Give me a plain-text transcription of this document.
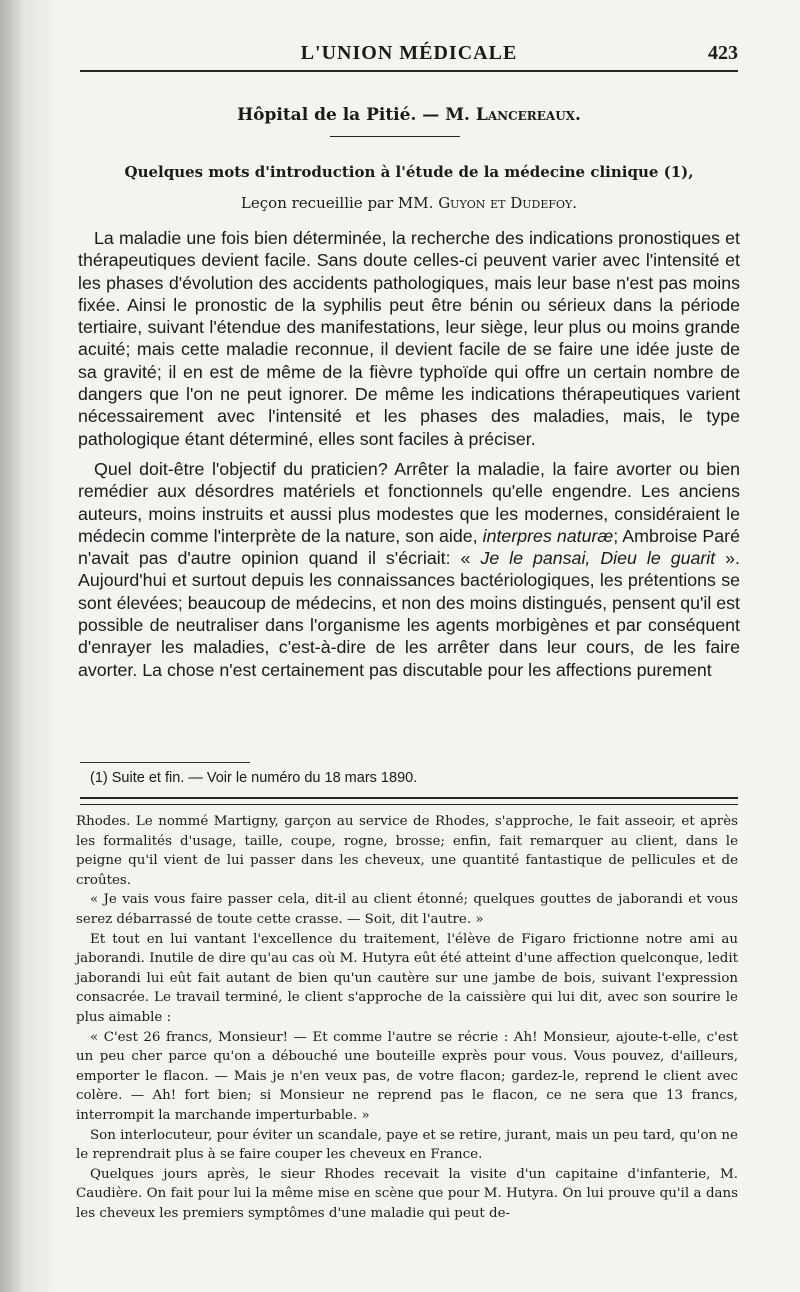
L'UNION MÉDICALE	423
Hôpital de la Pitié. — M. Lancereaux.
Quelques mots d'introduction à l'étude de la médecine clinique (1),
Leçon recueillie par MM. Guyon et Dudefoy.

La maladie une fois bien déterminée, la recherche des indications pronostiques et thérapeutiques devient facile. Sans doute celles-ci peuvent varier avec l'intensité et les phases d'évolution des accidents pathologiques, mais leur base n'est pas moins fixée. Ainsi le pronostic de la syphilis peut être bénin ou sérieux dans la période tertiaire, suivant l'étendue des manifestations, leur siège, leur plus ou moins grande acuité; mais cette maladie reconnue, il devient facile de se faire une idée juste de sa gravité; il en est de même de la fièvre typhoïde qui offre un certain nombre de dangers que l'on ne peut ignorer. De même les indications thérapeutiques varient nécessairement avec l'intensité et les phases des maladies, mais, le type pathologique étant déterminé, elles sont faciles à préciser.

Quel doit-être l'objectif du praticien? Arrêter la maladie, la faire avorter ou bien remédier aux désordres matériels et fonctionnels qu'elle engendre. Les anciens auteurs, moins instruits et aussi plus modestes que les modernes, considéraient le médecin comme l'interprète de la nature, son aide, interpres naturæ; Ambroise Paré n'avait pas d'autre opinion quand il s'écriait: « Je le pansai, Dieu le guarit ». Aujourd'hui et surtout depuis les connaissances bactériologiques, les prétentions se sont élevées; beaucoup de médecins, et non des moins distingués, pensent qu'il est possible de neutraliser dans l'organisme les agents morbigènes et par conséquent d'enrayer les maladies, c'est-à-dire de les arrêter dans leur cours, de les faire avorter. La chose n'est certainement pas discutable pour les affections purement

(1) Suite et fin. — Voir le numéro du 18 mars 1890.

Rhodes. Le nommé Martigny, garçon au service de Rhodes, s'approche, le fait asseoir, et après les formalités d'usage, taille, coupe, rogne, brosse; enfin, fait remarquer au client, dans le peigne qu'il vient de lui passer dans les cheveux, une quantité fantastique de pellicules et de croûtes.

« Je vais vous faire passer cela, dit-il au client étonné; quelques gouttes de jaborandi et vous serez débarrassé de toute cette crasse. — Soit, dit l'autre. »

Et tout en lui vantant l'excellence du traitement, l'élève de Figaro frictionne notre ami au jaborandi. Inutile de dire qu'au cas où M. Hutyra eût été atteint d'une affection quelconque, ledit jaborandi lui eût fait autant de bien qu'un cautère sur une jambe de bois, suivant l'expression consacrée. Le travail terminé, le client s'approche de la caissière qui lui dit, avec son sourire le plus aimable :

« C'est 26 francs, Monsieur! — Et comme l'autre se récrie : Ah! Monsieur, ajoute-t-elle, c'est un peu cher parce qu'on a débouché une bouteille exprès pour vous. Vous pouvez, d'ailleurs, emporter le flacon. — Mais je n'en veux pas, de votre flacon; gardez-le, reprend le client avec colère. — Ah! fort bien; si Monsieur ne reprend pas le flacon, ce ne sera que 13 francs, interrompit la marchande imperturbable. »

Son interlocuteur, pour éviter un scandale, paye et se retire, jurant, mais un peu tard, qu'on ne le reprendrait plus à se faire couper les cheveux en France.

Quelques jours après, le sieur Rhodes recevait la visite d'un capitaine d'infanterie, M. Caudière. On fait pour lui la même mise en scène que pour M. Hutyra. On lui prouve qu'il a dans les cheveux les premiers symptômes d'une maladie qui peut de-
